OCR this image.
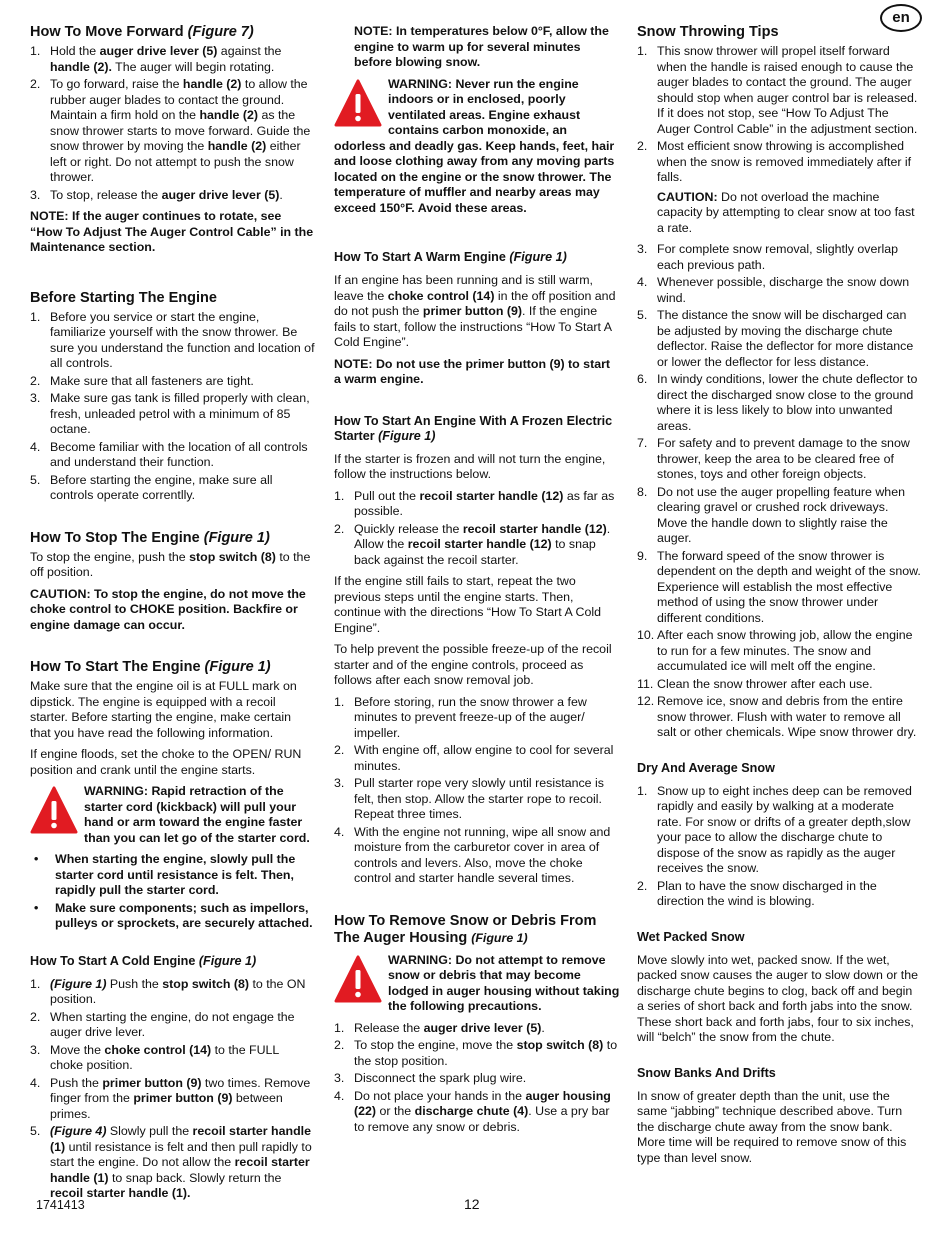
en
How To Move Forward (Figure 7)
1. Hold the auger drive lever (5) against the handle (2). The auger will begin rotating.
2. To go forward, raise the handle (2) to allow the rubber auger blades to contact the ground. Maintain a firm hold on the handle (2) as the snow thrower starts to move forward. Guide the snow thrower by moving the handle (2) either left or right. Do not attempt to push the snow thrower.
3. To stop, release the auger drive lever (5).
NOTE: If the auger continues to rotate, see “How To Adjust The Auger Control Cable” in the Maintenance section.
Before Starting The Engine
1. Before you service or start the engine, familiarize yourself with the snow thrower. Be sure you understand the function and location of all controls.
2. Make sure that all fasteners are tight.
3. Make sure gas tank is filled properly with clean, fresh, unleaded petrol with a minimum of 85 octane.
4. Become familiar with the location of all controls and understand their function.
5. Before starting the engine, make sure all controls operate correntlly.
How To Stop The Engine (Figure 1)

To stop the engine, push the stop switch (8) to the off position.

CAUTION: To stop the engine, do not move the choke control to CHOKE position. Backfire or engine damage can occur.
How To Start The Engine (Figure 1)

Make sure that the engine oil is at FULL mark on dipstick. The engine is equipped with a recoil starter. Before starting the engine, make certain that you have read the following information.

If engine floods, set the choke to the OPEN/ RUN position and crank until the engine starts.

WARNING: Rapid retraction of the starter cord (kickback) will pull your hand or arm toward the engine faster than you can let go of the starter cord.
• When starting the engine, slowly pull the starter cord until resistance is felt. Then, rapidly pull the starter cord.
• Make sure components; such as impellors, pulleys or sprockets, are securely attached.
How To Start A Cold Engine (Figure 1)
1. (Figure 1) Push the stop switch (8) to the ON position.
2. When starting the engine, do not engage the auger drive lever.
3. Move the choke control (14) to the FULL choke position.
4. Push the primer button (9) two times. Remove finger from the primer button (9) between primes.
5. (Figure 4) Slowly pull the recoil starter handle (1) until resistance is felt and then pull rapidly to start the engine. Do not allow the recoil starter handle (1) to snap back. Slowly return the recoil starter handle (1).
NOTE: In temperatures below 0°F, allow the engine to warm up for several minutes before blowing snow.
WARNING: Never run the engine indoors or in enclosed, poorly ventilated areas. Engine exhaust contains carbon monoxide, an odorless and deadly gas. Keep hands, feet, hair and loose clothing away from any moving parts located on the engine or the snow thrower. The temperature of muffler and nearby areas may exceed 150°F. Avoid these areas.
How To Start A Warm Engine (Figure 1)

If an engine has been running and is still warm, leave the choke control (14) in the off position and do not push the primer button (9). If the engine fails to start, follow the instructions “How To Start A Cold Engine”.

NOTE: Do not use the primer button (9) to start a warm engine.
How To Start An Engine With A Frozen Electric Starter (Figure 1)

If the starter is frozen and will not turn the engine, follow the instructions below.

1. Pull out the recoil starter handle (12) as far as possible.
2. Quickly release the recoil starter handle (12). Allow the recoil starter handle (12) to snap back against the recoil starter.

If the engine still fails to start, repeat the two previous steps until the engine starts. Then, continue with the directions “How To Start A Cold Engine”.

To help prevent the possible freeze-up of the recoil starter and of the engine controls, proceed as follows after each snow removal job.

1. Before storing, run the snow thrower a few minutes to prevent freeze-up of the auger/ impeller.
2. With engine off, allow engine to cool for several minutes.
3. Pull starter rope very slowly until resistance is felt, then stop. Allow the starter rope to recoil. Repeat three times.
4. With the engine not running, wipe all snow and moisture from the carburetor cover in area of controls and levers. Also, move the choke control and starter handle several times.
How To Remove Snow or Debris From The Auger Housing (Figure 1)
WARNING: Do not attempt to remove snow or debris that may become lodged in auger housing without taking the following precautions.
1. Release the auger drive lever (5).
2. To stop the engine, move the stop switch (8) to the stop position.
3. Disconnect the spark plug wire.
4. Do not place your hands in the auger housing (22) or the discharge chute (4). Use a pry bar to remove any snow or debris.
Snow Throwing Tips
1. This snow thrower will propel itself forward when the handle is raised enough to cause the auger blades to contact the ground. The auger should stop when auger control bar is released. If it does not stop, see “How To Adjust The Auger Control Cable” in the adjustment section.
2. Most efficient snow throwing is accomplished when the snow is removed immediately after if falls.
CAUTION: Do not overload the machine capacity by attempting to clear snow at too fast a rate.
3. For complete snow removal, slightly overlap each previous path.
4. Whenever possible, discharge the snow down wind.
5. The distance the snow will be discharged can be adjusted by moving the discharge chute deflector. Raise the deflector for more distance or lower the deflector for less distance.
6. In windy conditions, lower the chute deflector to direct the discharged snow close to the ground where it is less likely to blow into unwanted areas.
7. For safety and to prevent damage to the snow thrower, keep the area to be cleared free of stones, toys and other foreign objects.
8. Do not use the auger propelling feature when clearing gravel or crushed rock driveways. Move the handle down to slightly raise the auger.
9. The forward speed of the snow thrower is dependent on the depth and weight of the snow. Experience will establish the most effective method of using the snow thrower under different conditions.
10. After each snow throwing job, allow the engine to run for a few minutes. The snow and accumulated ice will melt off the engine.
11. Clean the snow thrower after each use.
12. Remove ice, snow and debris from the entire snow thrower. Flush with water to remove all salt or other chemicals. Wipe snow thrower dry.
Dry And Average Snow
1. Snow up to eight inches deep can be removed rapidly and easily by walking at a moderate rate. For snow or drifts of a greater depth,slow your pace to allow the discharge chute to dispose of the snow as rapidly as the auger receives the snow.
2. Plan to have the snow discharged in the direction the wind is blowing.
Wet Packed Snow

Move slowly into wet, packed snow. If the wet, packed snow causes the auger to slow down or the discharge chute begins to clog, back off and begin a series of short back and forth jabs into the snow. These short back and forth jabs, four to six inches, will “belch” the snow from the chute.

Snow Banks And Drifts

In snow of greater depth than the unit, use the same “jabbing” technique described above. Turn the discharge chute away from the snow bank. More time will be required to remove snow of this type than level snow.

1741413	12
